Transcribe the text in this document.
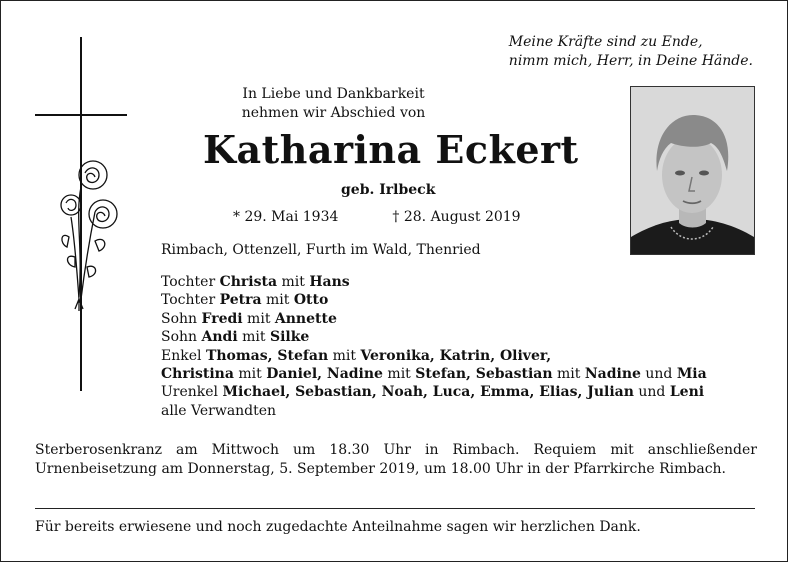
Meine Kräfte sind zu Ende,
nimm mich, Herr, in Deine Hände.
In Liebe und Dankbarkeit
nehmen wir Abschied von
Katharina Eckert
geb. Irlbeck
* 29. Mai 1934	† 28. August 2019
Rimbach, Ottenzell, Furth im Wald, Thenried
Tochter Christa mit Hans
Tochter Petra mit Otto
Sohn Fredi mit Annette
Sohn Andi mit Silke
Enkel Thomas, Stefan mit Veronika, Katrin, Oliver,
Christina mit Daniel, Nadine mit Stefan, Sebastian mit Nadine und Mia
Urenkel Michael, Sebastian, Noah, Luca, Emma, Elias, Julian und Leni
alle Verwandten
Sterberosenkranz am Mittwoch um 18.30 Uhr in Rimbach. Requiem mit anschließender Urnenbeisetzung am Donnerstag, 5. September 2019, um 18.00 Uhr in der Pfarrkirche Rimbach.
Für bereits erwiesene und noch zugedachte Anteilnahme sagen wir herzlichen Dank.
